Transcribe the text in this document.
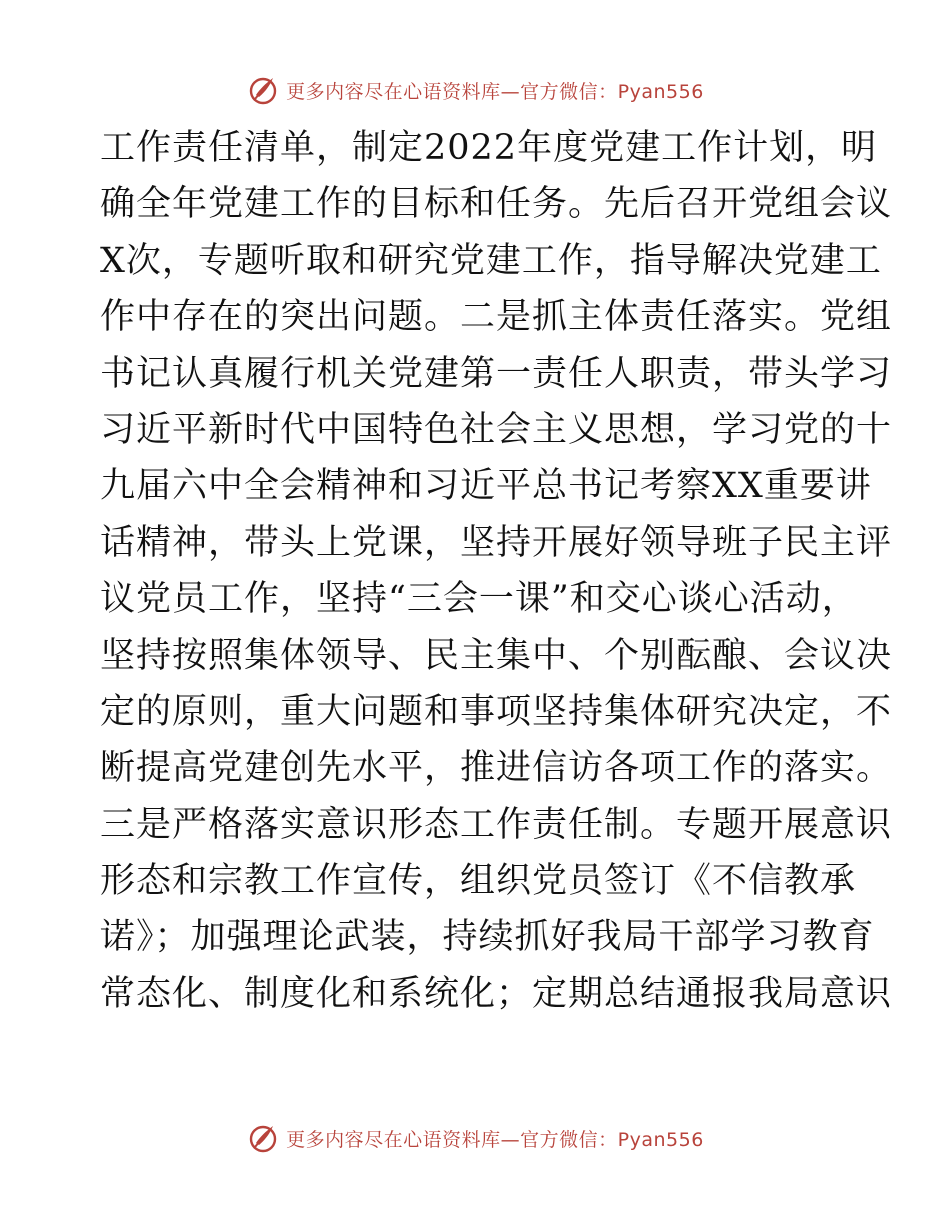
更多内容尽在心语资料库—官方微信：Pyan556
工作责任清单，制定2022年度党建工作计划，明
确全年党建工作的目标和任务。先后召开党组会议
X次，专题听取和研究党建工作，指导解决党建工
作中存在的突出问题。二是抓主体责任落实。党组
书记认真履行机关党建第一责任人职责，带头学习
习近平新时代中国特色社会主义思想，学习党的十
九届六中全会精神和习近平总书记考察XX重要讲
话精神，带头上党课，坚持开展好领导班子民主评
议党员工作，坚持“三会一课”和交心谈心活动，
坚持按照集体领导、民主集中、个别酝酿、会议决
定的原则，重大问题和事项坚持集体研究决定，不
断提高党建创先水平，推进信访各项工作的落实。
三是严格落实意识形态工作责任制。专题开展意识
形态和宗教工作宣传，组织党员签订《不信教承
诺》；加强理论武装，持续抓好我局干部学习教育
常态化、制度化和系统化；定期总结通报我局意识
更多内容尽在心语资料库—官方微信：Pyan556
